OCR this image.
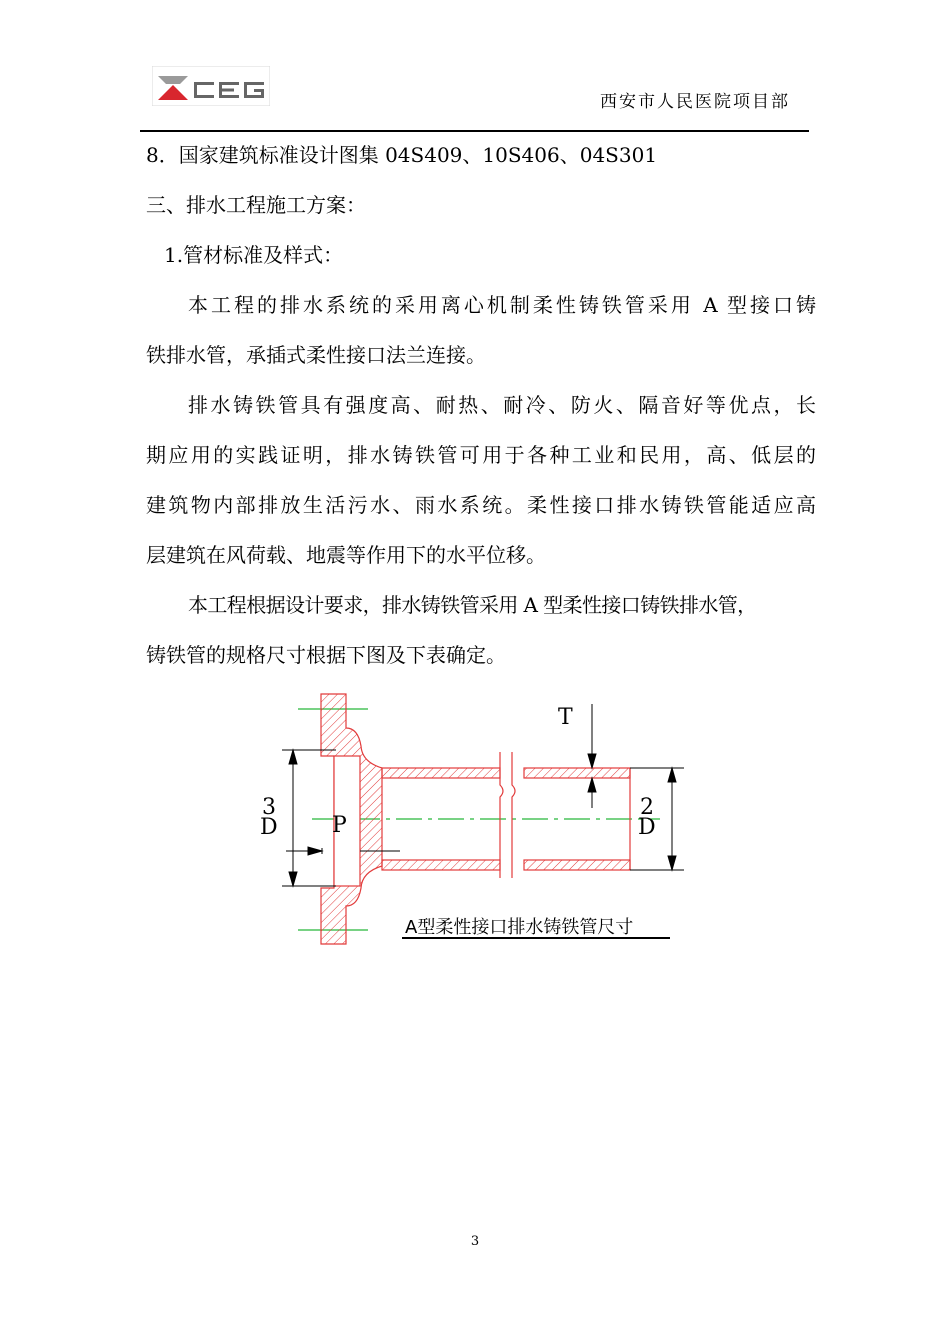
西安市人民医院项目部
8．国家建筑标准设计图集 04S409、10S406、04S301
三、排水工程施工方案：
1.管材标准及样式：
本工程的排水系统的采用离心机制柔性铸铁管采用 A 型接口铸
铁排水管，承插式柔性接口法兰连接。
排水铸铁管具有强度高、耐热、耐冷、防火、隔音好等优点，长
期应用的实践证明，排水铸铁管可用于各种工业和民用，高、低层的
建筑物内部排放生活污水、雨水系统。柔性接口排水铸铁管能适应高
层建筑在风荷载、地震等作用下的水平位移。
本工程根据设计要求，排水铸铁管采用 A 型柔性接口铸铁排水管，
铸铁管的规格尺寸根据下图及下表确定。
T
P
3
D
2
D
A型柔性接口排水铸铁管尺寸
3
